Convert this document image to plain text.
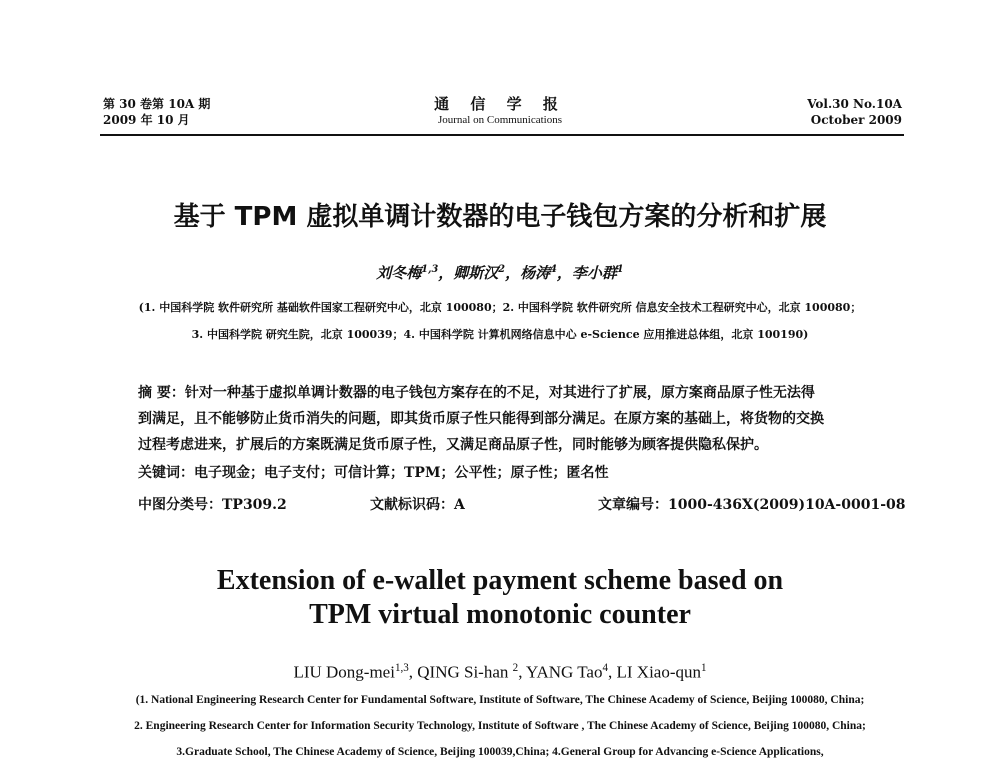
第 30 卷第 10A 期
2009 年 10 月
通 信 学 报
Journal on Communications
Vol.30 No.10A
October 2009
基于 TPM 虚拟单调计数器的电子钱包方案的分析和扩展
刘冬梅$^{1,3}$，卿斯汉$^2$，杨涛$^4$，李小群$^1$
(1. 中国科学院 软件研究所 基础软件国家工程研究中心，北京 100080；2. 中国科学院 软件研究所 信息安全技术工程研究中心，北京 100080；
3. 中国科学院 研究生院，北京 100039；4. 中国科学院 计算机网络信息中心 e-Science 应用推进总体组，北京 100190)
摘 要：针对一种基于虚拟单调计数器的电子钱包方案存在的不足，对其进行了扩展，原方案商品原子性无法得
到满足，且不能够防止货币消失的问题，即其货币原子性只能得到部分满足。在原方案的基础上，将货物的交换
过程考虑进来，扩展后的方案既满足货币原子性，又满足商品原子性，同时能够为顾客提供隐私保护。
关键词：电子现金；电子支付；可信计算；TPM；公平性；原子性；匿名性
中图分类号：TP309.2	文献标识码：A	文章编号：1000-436X(2009)10A-0001-08
Extension of e-wallet payment scheme based on
TPM virtual monotonic counter
LIU Dong-mei$^{1,3}$, QING Si-han $^2$, YANG Tao$^4$, LI Xiao-qun$^1$
(1. National Engineering Research Center for Fundamental Software, Institute of Software, The Chinese Academy of Science, Beijing 100080, China;
2. Engineering Research Center for Information Security Technology, Institute of Software , The Chinese Academy of Science, Beijing 100080, China;
3.Graduate School, The Chinese Academy of Science, Beijing 100039,China; 4.General Group for Advancing e-Science Applications,
